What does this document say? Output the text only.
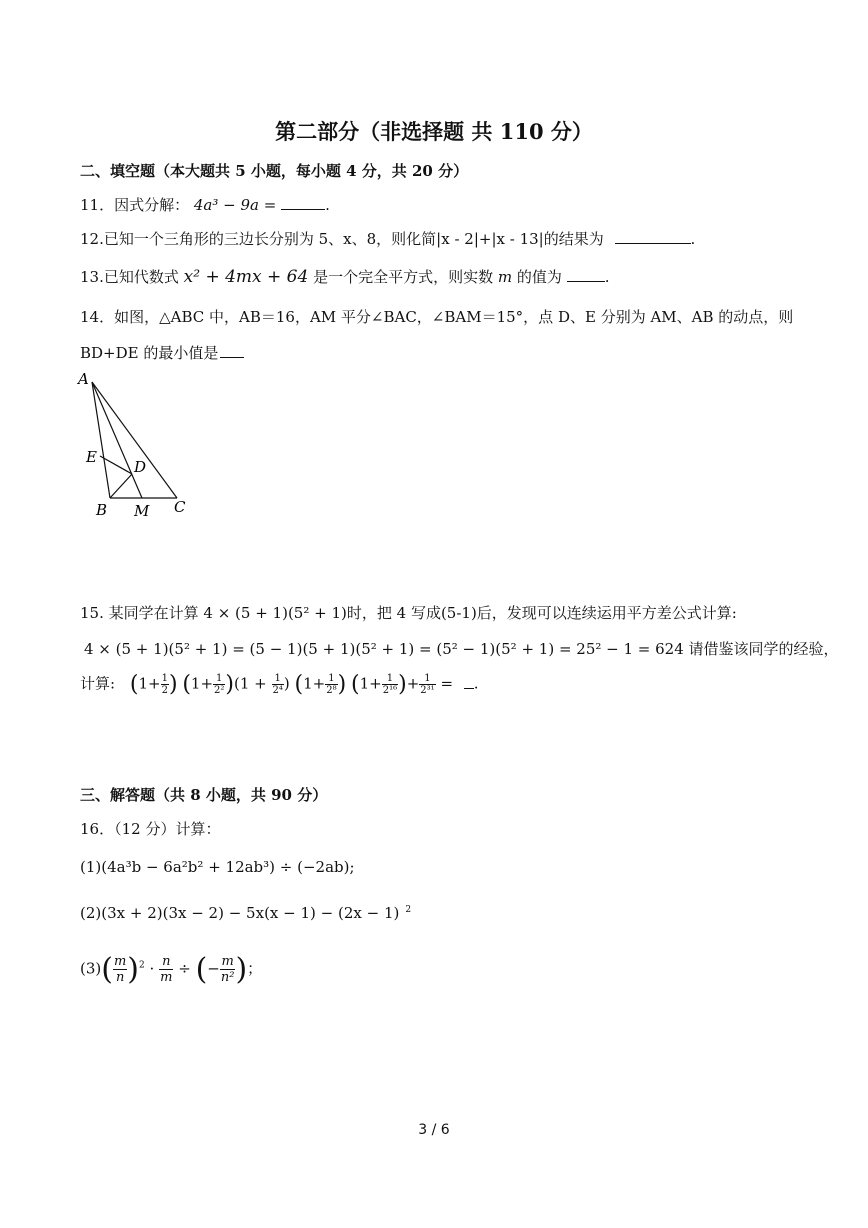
第二部分（非选择题 共 110 分）
二、填空题（本大题共 5 小题，每小题 4 分，共 20 分）
11．因式分解： 4a³ − 9a =	.
12.已知一个三角形的三边长分别为 5、x、8，则化简|x - 2|+|x - 13|的结果为	.
13.已知代数式 x² + 4mx + 64 是一个完全平方式，则实数 m 的值为	.
14．如图，△ABC 中，AB＝16，AM 平分∠BAC，∠BAM＝15°，点 D、E 分别为 AM、AB 的动点，则
BD+DE 的最小值是
A
E
D
B M C
15. 某同学在计算 4 × (5 + 1)(5² + 1)时，把 4 写成(5-1)后，发现可以连续运用平方差公式计算:
4 × (5 + 1)(5² + 1) = (5 − 1)(5 + 1)(5² + 1) = (5² − 1)(5² + 1) = 25² − 1 = 624 请借鉴该同学的经验，
计算: ($1+ \frac{1}{2}$ ) $(1+ \frac{1}{\text{2²}} )(1 + \frac{1}{\text{2⁴}}$ ) ($1+ \frac{1}{\text{2⁸}}$ ) ($1+ \frac{1}{\text{2¹⁶}}$ )+ $\frac{1}{\text{2³¹}}$ = .
三、解答题（共 8 小题，共 90 分）
16．（12 分）计算：
(1)(4a³b − 6a²b² + 12ab³) ÷ (−2ab);
(2)(3x + 2)(3x − 2) − 5x(x − 1) − (2x − 1) $^2$
$(3)( \frac{m}{n} )^2 \cdot \frac{n}{m}$ ÷ (− $\frac{m}{\text{n²}}$ )；
3 / 6
